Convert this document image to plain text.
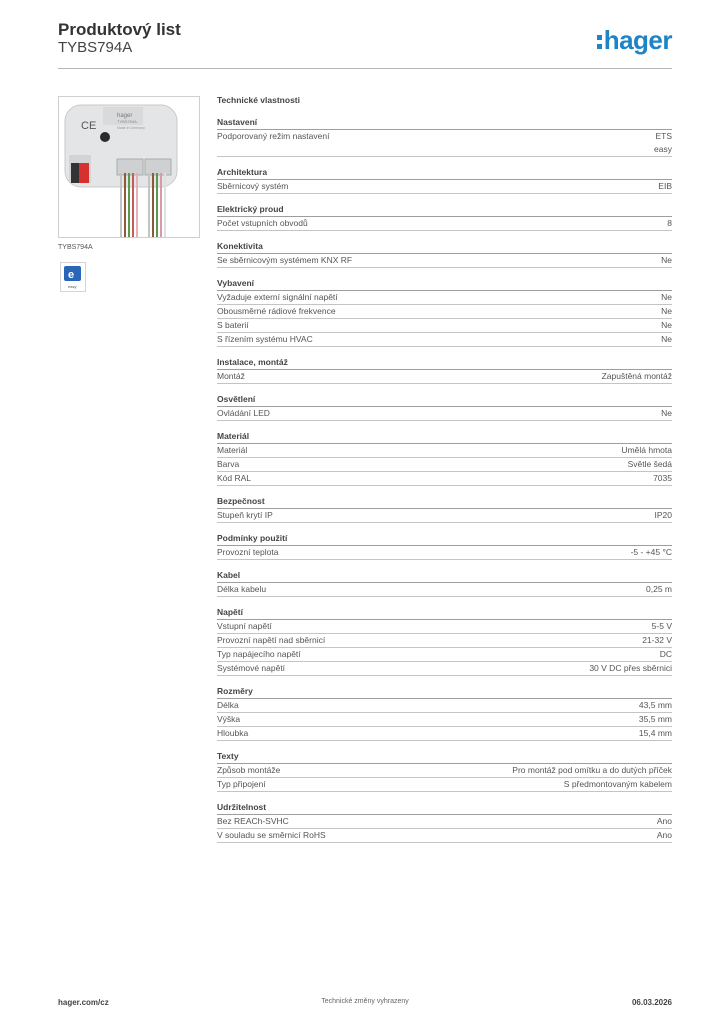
Produktový list
TYBS794A	hager
hager
TYBS794A
Made in Germany
CE
TYBS794A
e
easy
Technické vlastnosti
Nastavení
Podporovaný režim nastavení	ETS
easy
Architektura
Sběrnicový systém	EIB
Elektrický proud
Počet vstupních obvodů	8
Konektivita
Se sběrnicovým systémem KNX RF	Ne
Vybavení
Vyžaduje externí signální napětí	Ne
Obousměrné rádiové frekvence	Ne
S baterií	Ne
S řízením systému HVAC	Ne
Instalace, montáž
Montáž	Zapuštěná montáž
Osvětlení
Ovládání LED	Ne
Materiál
Materiál	Umělá hmota
Barva	Světle šedá
Kód RAL	7035
Bezpečnost
Stupeň krytí IP	IP20
Podmínky použití
Provozní teplota	-5 - +45 °C
Kabel
Délka kabelu	0,25 m
Napětí
Vstupní napětí	5-5 V
Provozní napětí nad sběrnicí	21-32 V
Typ napájecího napětí	DC
Systémové napětí	30 V DC přes sběrnici
Rozměry
Délka	43,5 mm
Výška	35,5 mm
Hloubka	15,4 mm
Texty
Způsob montáže	Pro montáž pod omítku a do dutých příček
Typ připojení	S předmontovaným kabelem
Udržitelnost
Bez REACh-SVHC	Ano
V souladu se směrnicí RoHS	Ano
hager.com/cz	Technické změny vyhrazeny	06.03.2026
